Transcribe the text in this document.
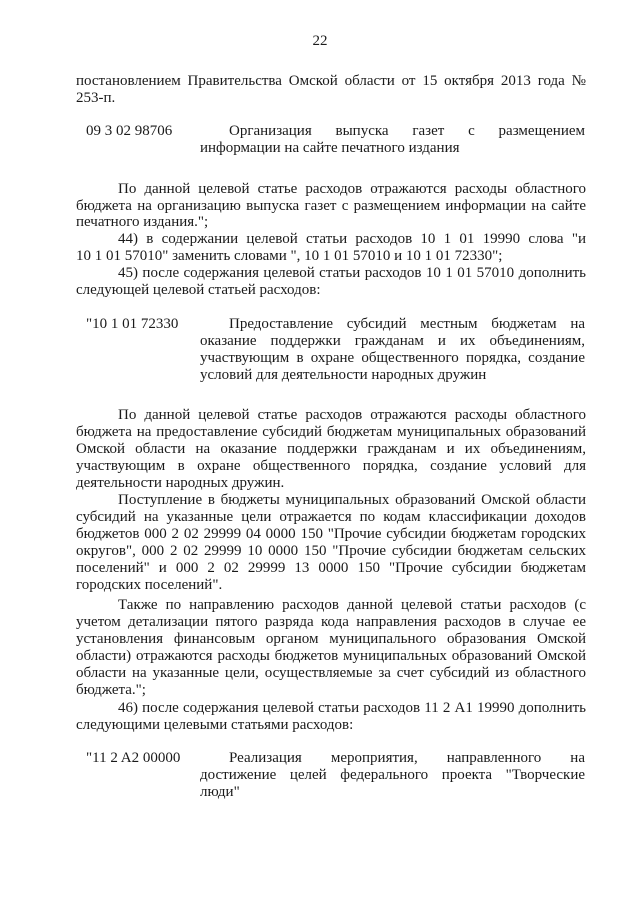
22
постановлением Правительства Омской области от 15 октября 2013 года №
253-п.
09 3 02 98706	Организация выпуска газет с размещением
информации на сайте печатного издания
По данной целевой статье расходов отражаются расходы областного
бюджета на организацию выпуска газет с размещением информации на сайте
печатного издания.";
44) в содержании целевой статьи расходов 10 1 01 19990 слова "и
10 1 01 57010" заменить словами ", 10 1 01 57010 и 10 1 01 72330";
45) после содержания целевой статьи расходов 10 1 01 57010 дополнить
следующей целевой статьей расходов:
"10 1 01 72330	Предоставление субсидий местным бюджетам на
оказание поддержки гражданам и их объединениям,
участвующим в охране общественного порядка, создание
условий для деятельности народных дружин
По данной целевой статье расходов отражаются расходы областного
бюджета на предоставление субсидий бюджетам муниципальных образований
Омской области на оказание поддержки гражданам и их объединениям,
участвующим в охране общественного порядка, создание условий для
деятельности народных дружин.
Поступление в бюджеты муниципальных образований Омской области
субсидий на указанные цели отражается по кодам классификации доходов
бюджетов 000 2 02 29999 04 0000 150 "Прочие субсидии бюджетам городских
округов", 000 2 02 29999 10 0000 150 "Прочие субсидии бюджетам сельских
поселений" и 000 2 02 29999 13 0000 150 "Прочие субсидии бюджетам
городских поселений".
Также по направлению расходов данной целевой статьи расходов (с
учетом детализации пятого разряда кода направления расходов в случае ее
установления финансовым органом муниципального образования Омской
области) отражаются расходы бюджетов муниципальных образований Омской
области на указанные цели, осуществляемые за счет субсидий из областного
бюджета.";
46) после содержания целевой статьи расходов 11 2 A1 19990 дополнить
следующими целевыми статьями расходов:
"11 2 A2 00000	Реализация мероприятия, направленного на
достижение целей федерального проекта "Творческие
люди"
